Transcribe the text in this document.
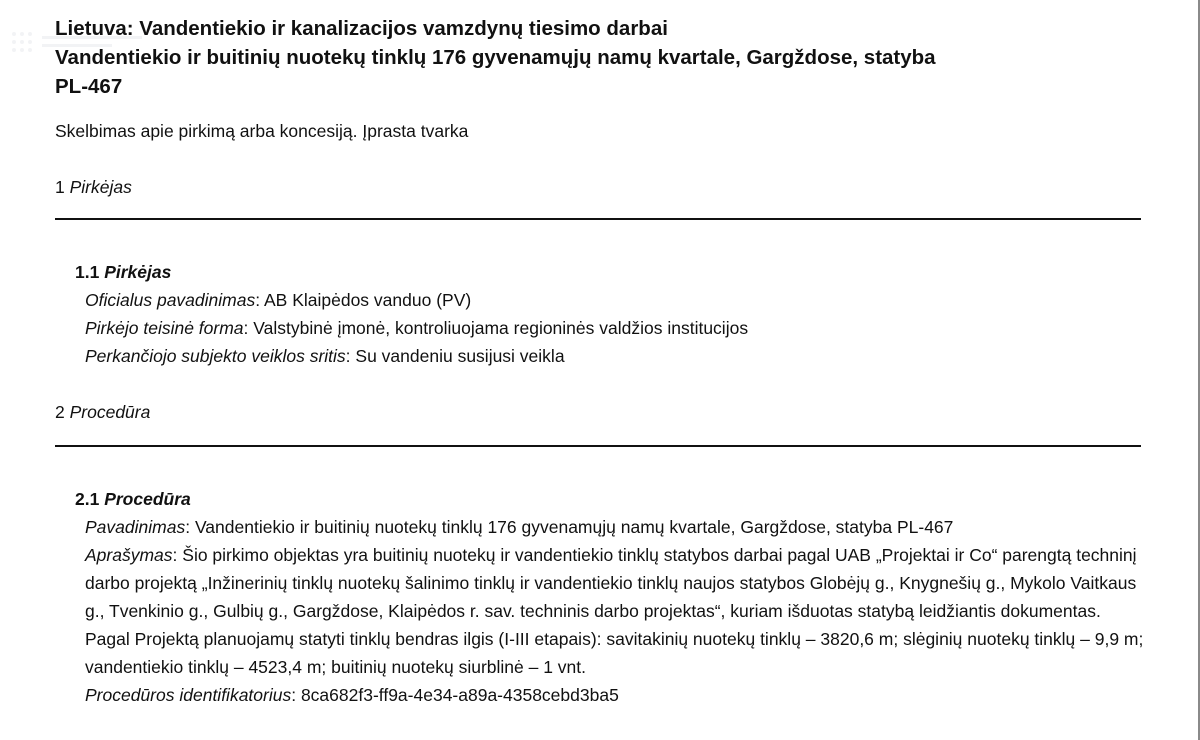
Lietuva: Vandentiekio ir kanalizacijos vamzdynų tiesimo darbai
Vandentiekio ir buitinių nuotekų tinklų 176 gyvenamųjų namų kvartale, Gargždose, statyba
PL-467

Skelbimas apie pirkimą arba koncesiją. Įprasta tvarka

1 Pirkėjas

1.1 Pirkėjas

Oficialus pavadinimas: AB Klaipėdos vanduo (PV)

Pirkėjo teisinė forma: Valstybinė įmonė, kontroliuojama regioninės valdžios institucijos

Perkančiojo subjekto veiklos sritis: Su vandeniu susijusi veikla

2 Procedūra

2.1 Procedūra

Pavadinimas: Vandentiekio ir buitinių nuotekų tinklų 176 gyvenamųjų namų kvartale, Gargždose, statyba PL-467

Aprašymas: Šio pirkimo objektas yra buitinių nuotekų ir vandentiekio tinklų statybos darbai pagal UAB „Projektai ir Co“ parengtą techninį darbo projektą „Inžinerinių tinklų nuotekų šalinimo tinklų ir vandentiekio tinklų naujos statybos Globėjų g., Knygnešių g., Mykolo Vaitkaus g., Tvenkinio g., Gulbių g., Gargždose, Klaipėdos r. sav. techninis darbo projektas“, kuriam išduotas statybą leidžiantis dokumentas. Pagal Projektą planuojamų statyti tinklų bendras ilgis (I-III etapais): savitakinių nuotekų tinklų – 3820,6 m; slėginių nuotekų tinklų – 9,9 m; vandentiekio tinklų – 4523,4 m; buitinių nuotekų siurblinė – 1 vnt.

Procedūros identifikatorius: 8ca682f3-ff9a-4e34-a89a-4358cebd3ba5
